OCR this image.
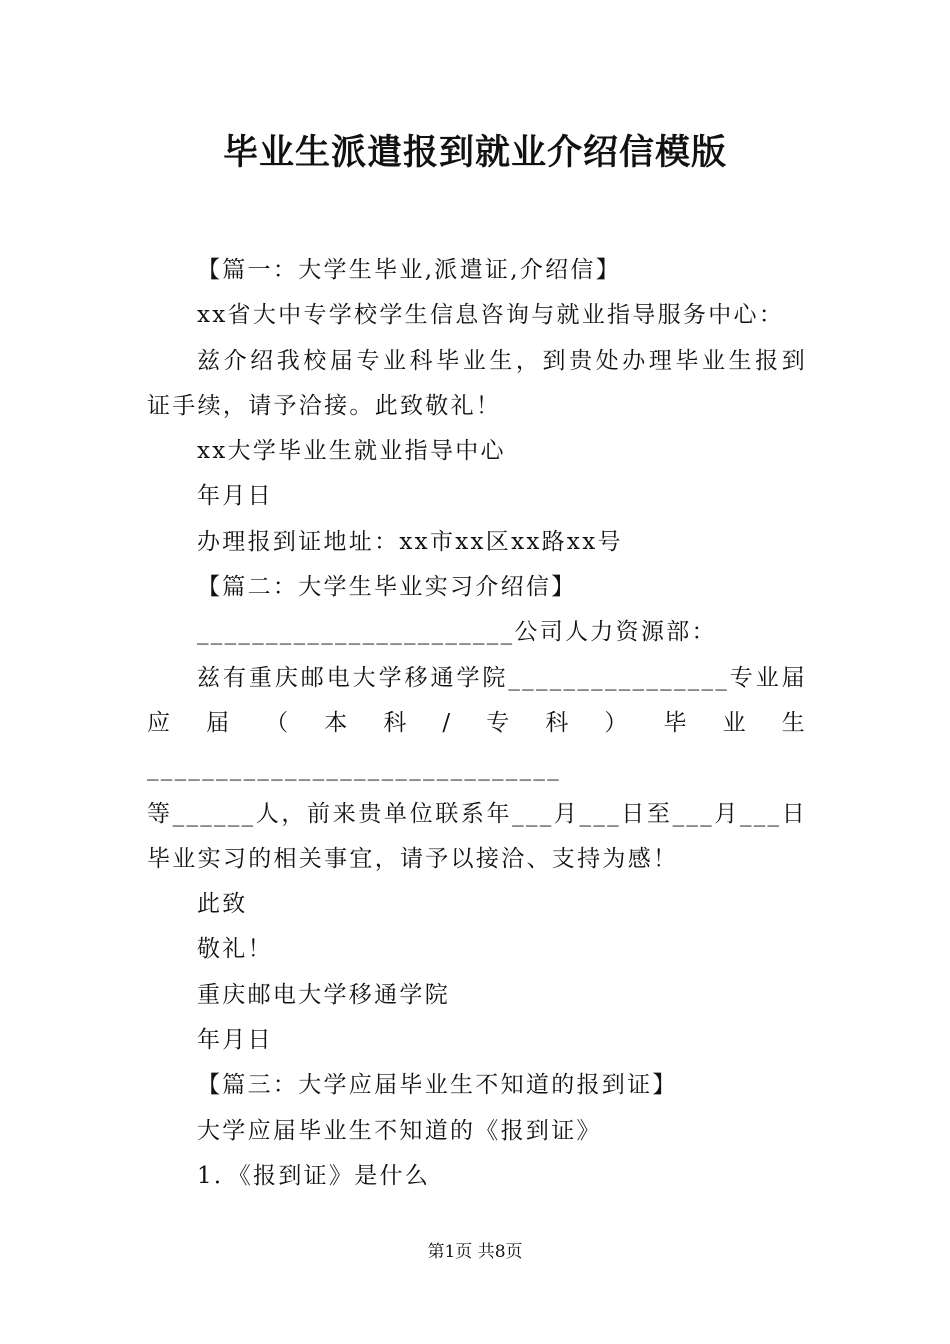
毕业生派遣报到就业介绍信模版

【篇一：大学生毕业,派遣证,介绍信】

xx省大中专学校学生信息咨询与就业指导服务中心：

兹介绍我校届专业科毕业生，到贵处办理毕业生报到

证手续，请予洽接。此致敬礼！

xx大学毕业生就业指导中心

年月日

办理报到证地址：xx市xx区xx路xx号

【篇二：大学生毕业实习介绍信】

_______________________公司人力资源部：

兹有重庆邮电大学移通学院________________专业届

应届（本科/专科）毕业生______________________________

等______人，前来贵单位联系年___月___日至___月___日

毕业实习的相关事宜，请予以接洽、支持为感！

此致

敬礼！

重庆邮电大学移通学院

年月日

【篇三：大学应届毕业生不知道的报到证】

大学应届毕业生不知道的《报到证》

1．《报到证》是什么

第1页 共8页
